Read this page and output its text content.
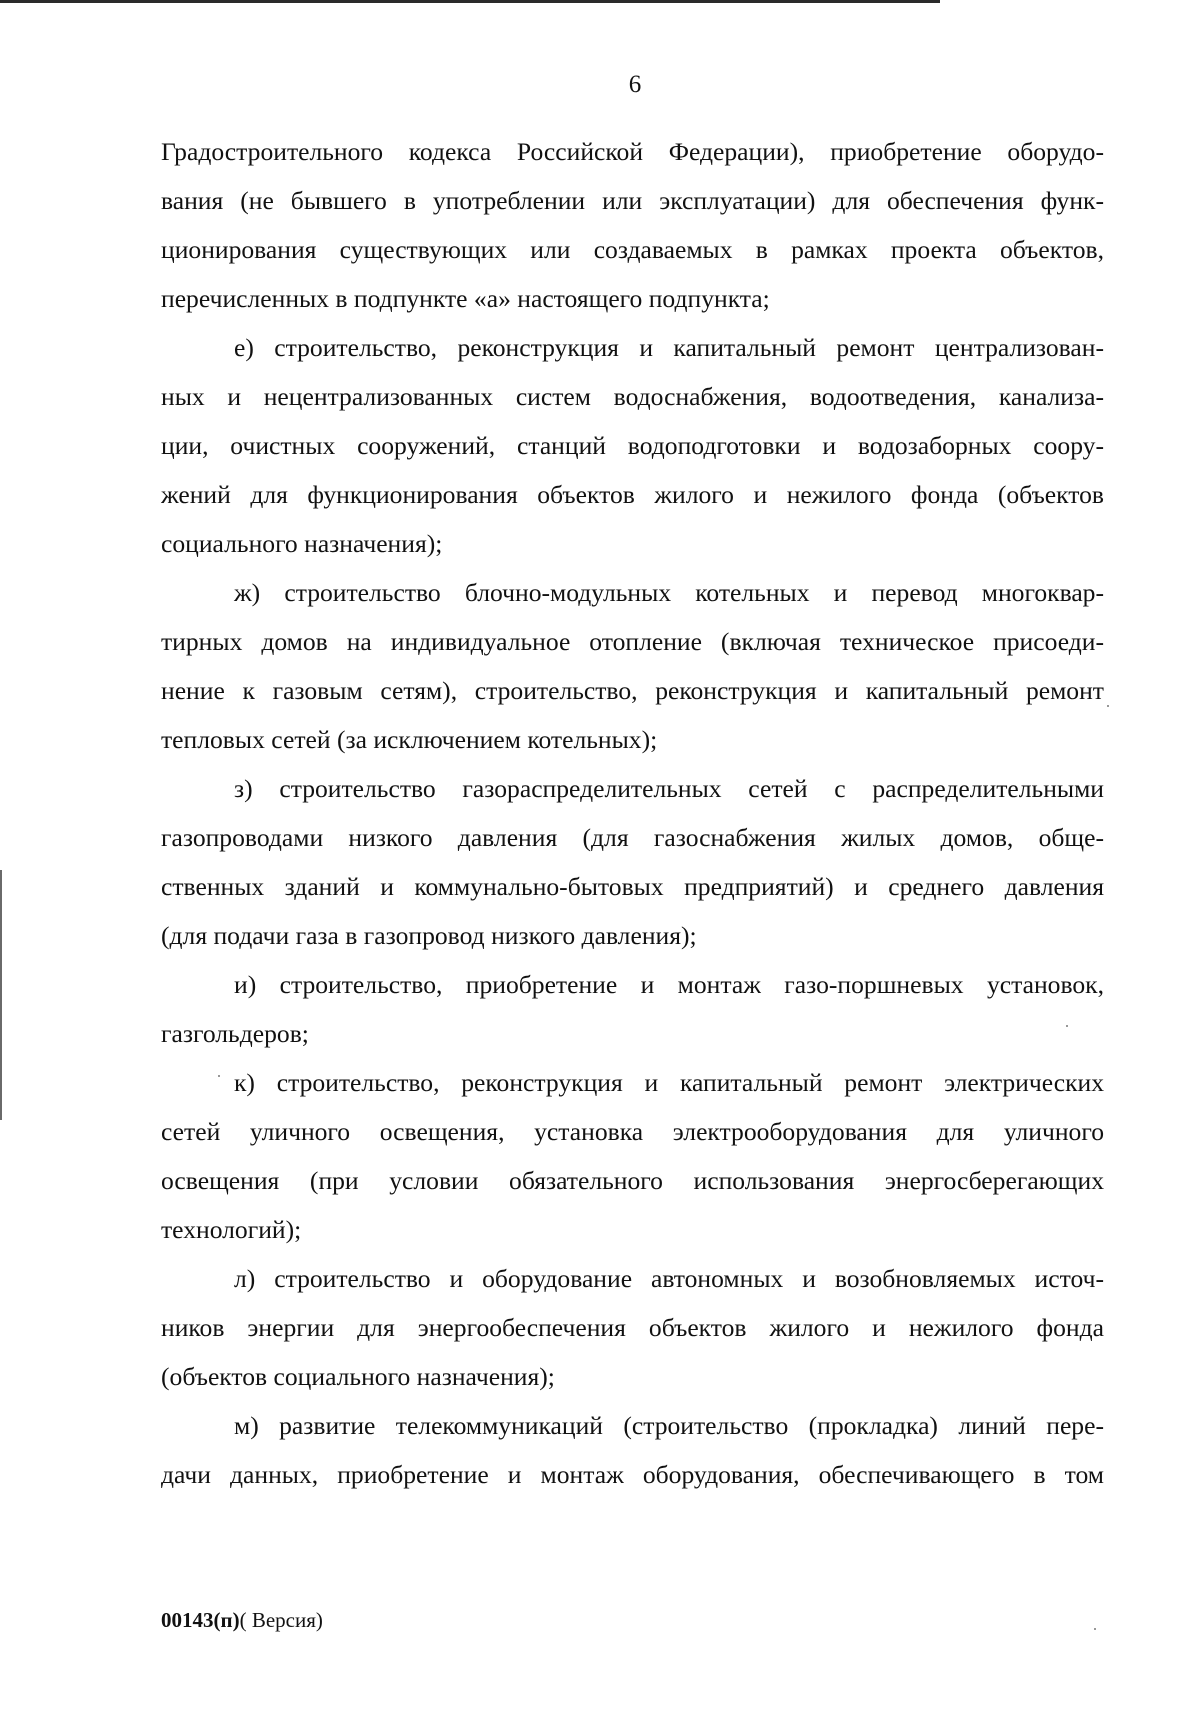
6
Градостроительного кодекса Российской Федерации), приобретение оборудо-
вания (не бывшего в употреблении или эксплуатации) для обеспечения функ-
ционирования существующих или создаваемых в рамках проекта объектов,
перечисленных в подпункте «а» настоящего подпункта;
е) строительство, реконструкция и капитальный ремонт централизован-
ных и нецентрализованных систем водоснабжения, водоотведения, канализа-
ции, очистных сооружений, станций водоподготовки и водозаборных соору-
жений для функционирования объектов жилого и нежилого фонда (объектов
социального назначения);
ж) строительство блочно-модульных котельных и перевод многоквар-
тирных домов на индивидуальное отопление (включая техническое присоеди-
нение к газовым сетям), строительство, реконструкция и капитальный ремонт
тепловых сетей (за исключением котельных);
з) строительство газораспределительных сетей с распределительными
газопроводами низкого давления (для газоснабжения жилых домов, обще-
ственных зданий и коммунально-бытовых предприятий) и среднего давления
(для подачи газа в газопровод низкого давления);
и) строительство, приобретение и монтаж газо-поршневых установок,
газгольдеров;
к) строительство, реконструкция и капитальный ремонт электрических
сетей уличного освещения, установка электрооборудования для уличного
освещения (при условии обязательного использования энергосберегающих
технологий);
л) строительство и оборудование автономных и возобновляемых источ-
ников энергии для энергообеспечения объектов жилого и нежилого фонда
(объектов социального назначения);
м) развитие телекоммуникаций (строительство (прокладка) линий пере-
дачи данных, приобретение и монтаж оборудования, обеспечивающего в том
00143(п)( Версия)
